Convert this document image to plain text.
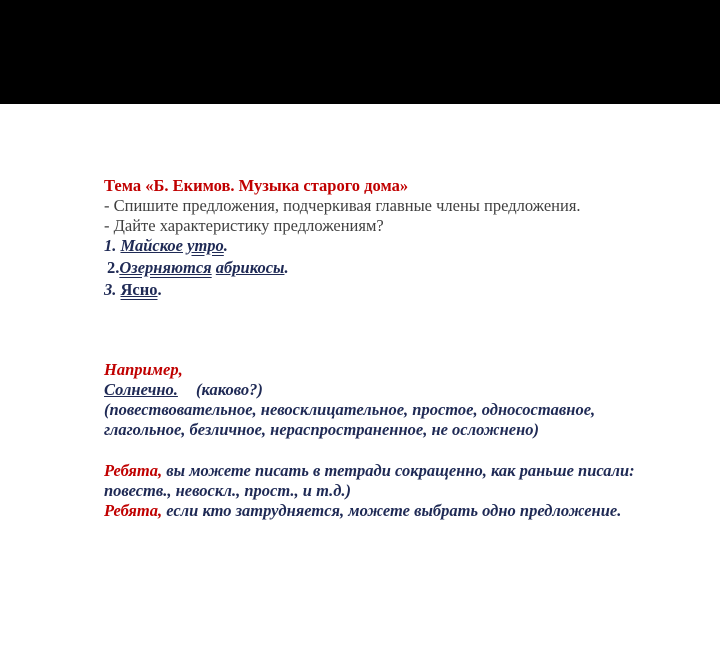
Тема «Б. Екимов. Музыка старого дома»
- Спишите предложения, подчеркивая главные члены предложения.
- Дайте характеристику предложениям?
1. Майское утро.
2.Озерняются абрикосы.
3. Ясно.
Например,
Солнечно. (каково?)
(повествовательное, невосклицательное, простое, односоставное,
глагольное, безличное, нераспространенное, не осложнено)
Ребята, вы можете писать в тетради сокращенно, как раньше писали:
повеств., невоскл., прост., и т.д.)
Ребята, если кто затрудняется, можете выбрать одно предложение.
